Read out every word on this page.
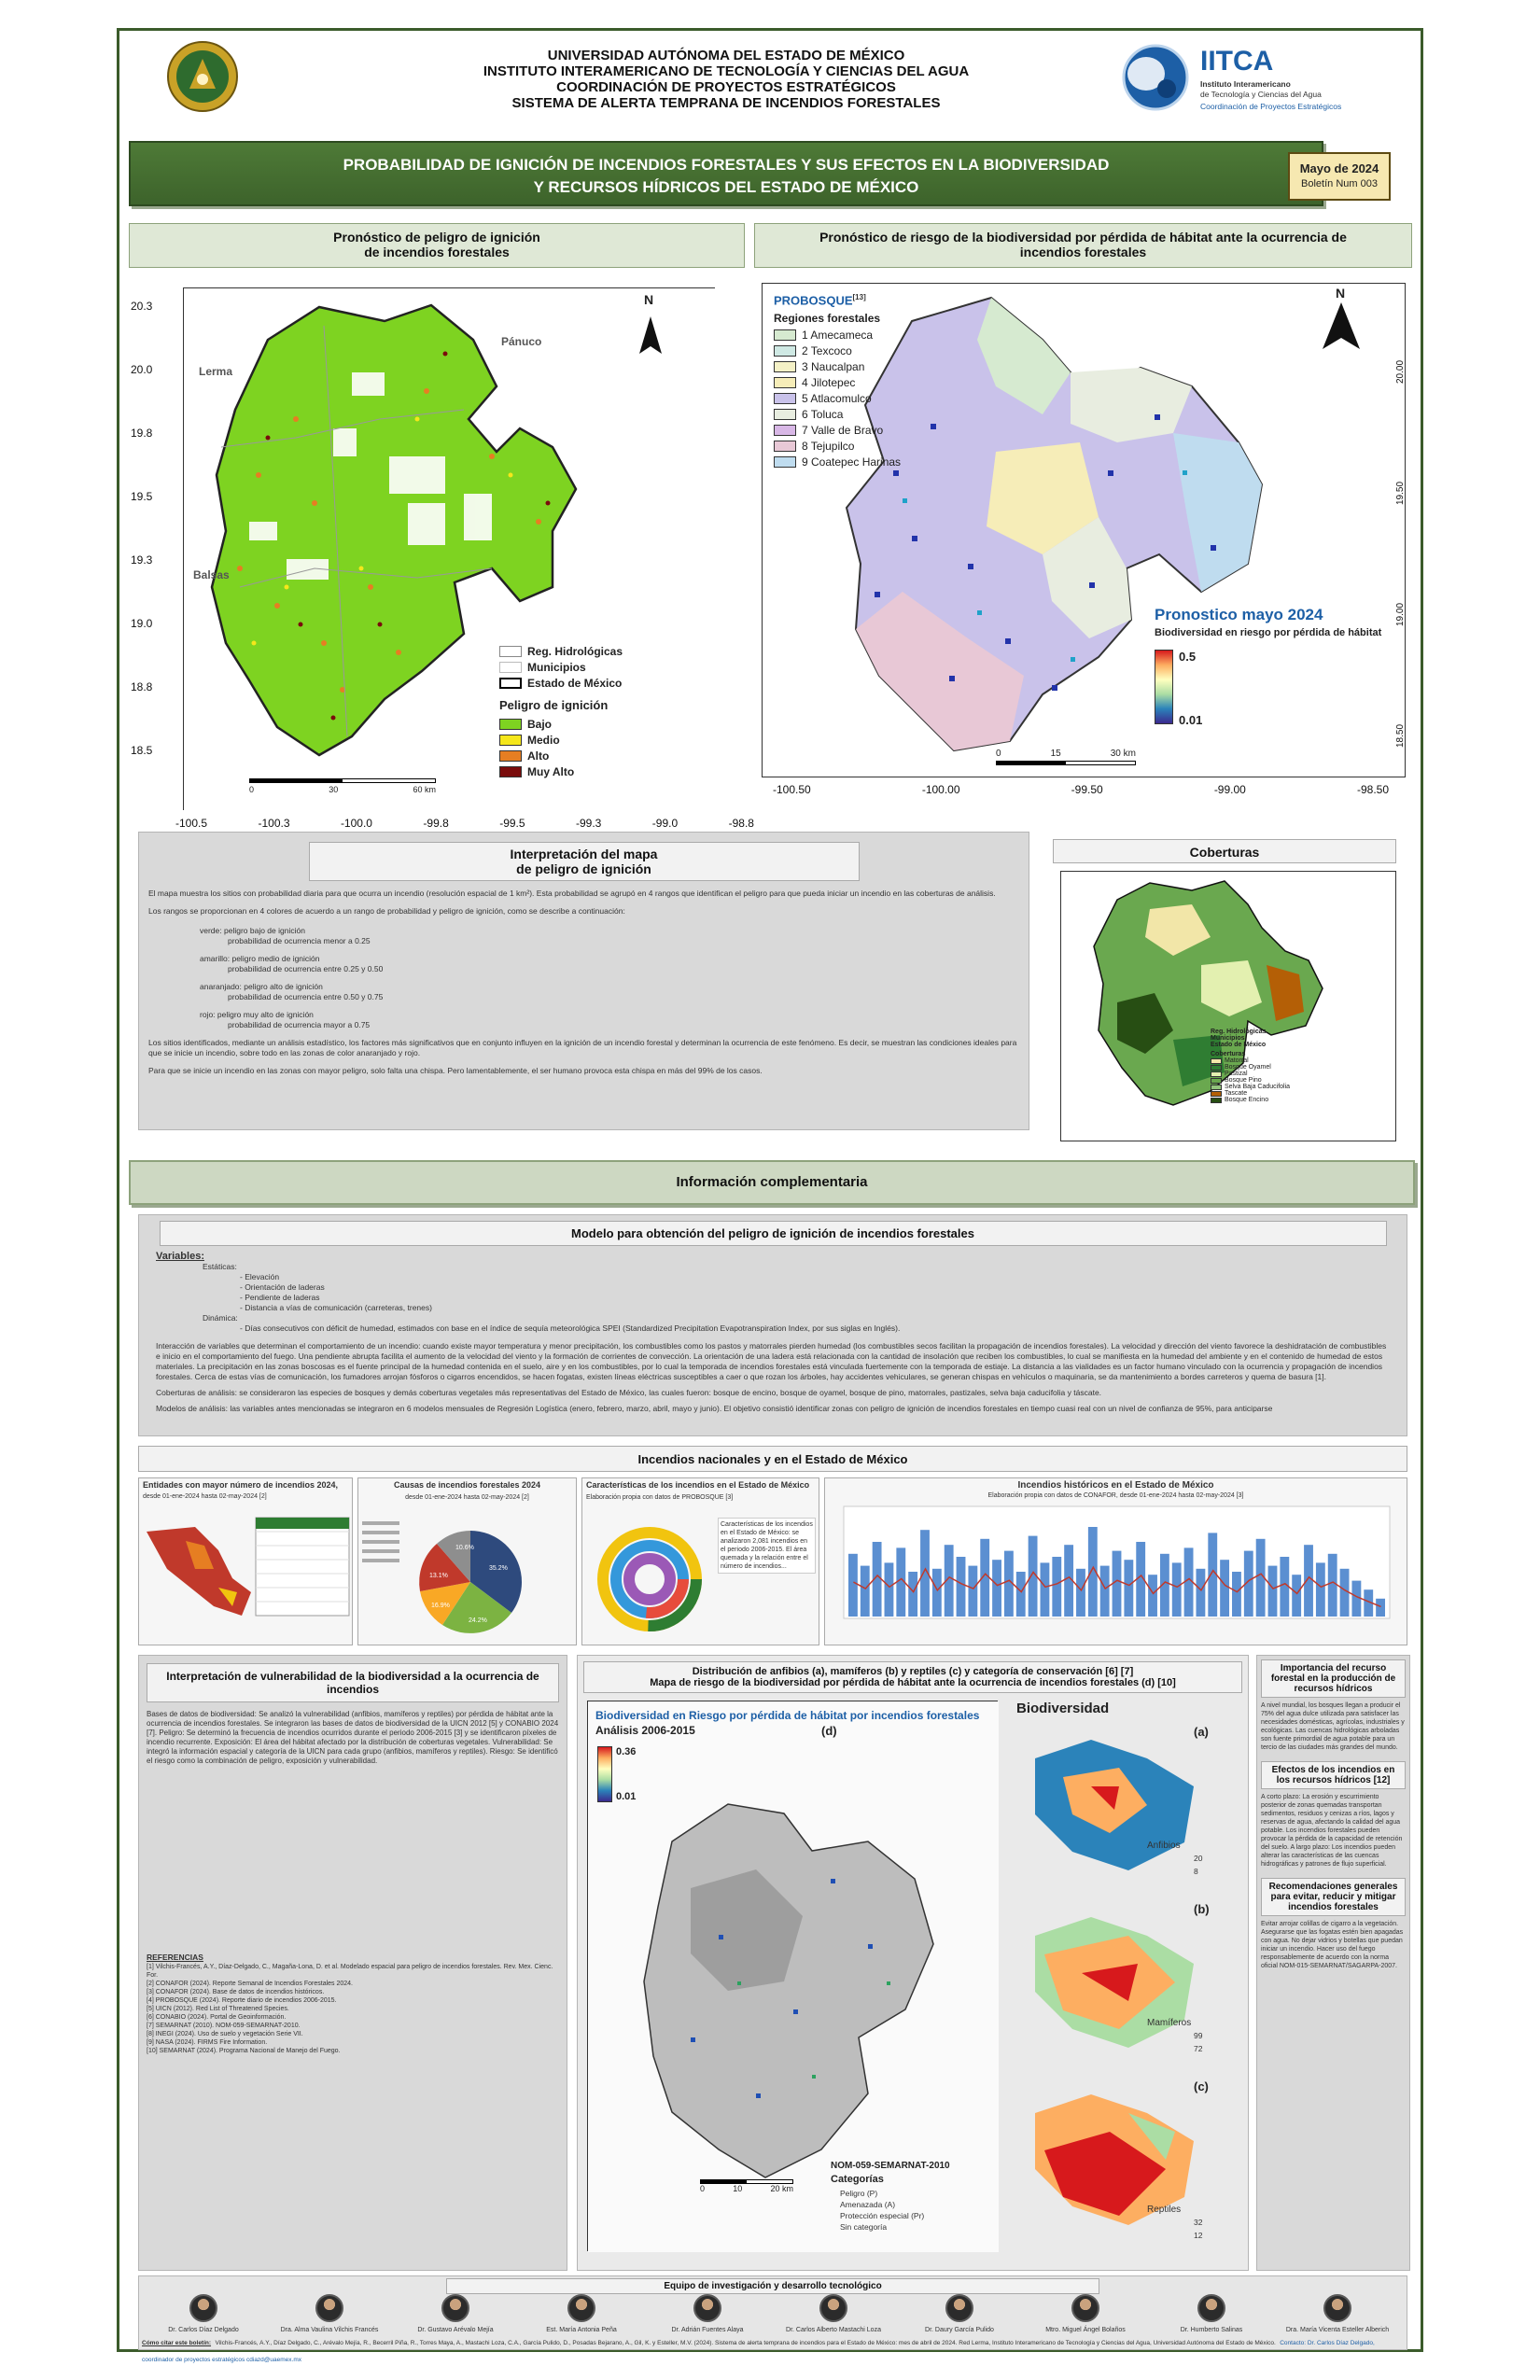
UNIVERSIDAD AUTÓNOMA DEL ESTADO DE MÉXICO
INSTITUTO INTERAMERICANO DE TECNOLOGÍA Y CIENCIAS DEL AGUA
COORDINACIÓN DE PROYECTOS ESTRATÉGICOS
SISTEMA DE ALERTA TEMPRANA DE INCENDIOS FORESTALES
IITCA
Instituto Interamericano
de Tecnología y Ciencias del Agua
Coordinación de Proyectos Estratégicos
PROBABILIDAD DE IGNICIÓN DE INCENDIOS FORESTALES Y SUS EFECTOS EN LA BIODIVERSIDAD
Y RECURSOS HÍDRICOS DEL ESTADO DE MÉXICO
Mayo de 2024
Boletín Num 003
Pronóstico de peligro de ignición
de incendios forestales
N
Lerma
Pánuco
Balsas
Reg. Hidrológicas
Municipios
Estado de México
Peligro de ignición
Bajo
Medio
Alto
Muy Alto
0	30	60 km
20.3
20.0
19.8
19.5
19.3
19.0
18.8
18.5
-100.5	-100.3	-100.0	-99.8	-99.5	-99.3	-99.0	-98.8
Pronóstico de riesgo de la biodiversidad por pérdida de hábitat ante la ocurrencia de
incendios forestales
N
PROBOSQUE[13]
Regiones forestales
1 Amecameca
2 Texcoco
3 Naucalpan
4 Jilotepec
5 Atlacomulco
6 Toluca
7 Valle de Bravo
8 Tejupilco
9 Coatepec Harinas
Pronostico mayo 2024
Biodiversidad en riesgo por pérdida de hábitat
0.5
0.01
0	15	30 km
-100.50	-100.00	-99.50	-99.00	-98.50
20.00
19.50
19.00
18.50
Interpretación del mapa
de peligro de ignición
El mapa muestra los sitios con probabilidad diaria para que ocurra un incendio (resolución espacial de 1 km²). Esta probabilidad se agrupó en 4 rangos que identifican el peligro para que pueda iniciar un incendio en las coberturas de análisis.
Los rangos se proporcionan en 4 colores de acuerdo a un rango de probabilidad y peligro de ignición, como se describe a continuación:
verde: peligro bajo de ignición
probabilidad de ocurrencia menor a 0.25
amarillo: peligro medio de ignición
probabilidad de ocurrencia entre 0.25 y 0.50
anaranjado: peligro alto de ignición
probabilidad de ocurrencia entre 0.50 y 0.75
rojo: peligro muy alto de ignición
probabilidad de ocurrencia mayor a 0.75
Los sitios identificados, mediante un análisis estadístico, los factores más significativos que en conjunto influyen en la ignición de un incendio forestal y determinan la ocurrencia de este fenómeno. Es decir, se muestran las condiciones ideales para que se inicie un incendio, sobre todo en las zonas de color anaranjado y rojo.
Para que se inicie un incendio en las zonas con mayor peligro, solo falta una chispa. Pero lamentablemente, el ser humano provoca esta chispa en más del 99% de los casos.
Coberturas
Reg. Hidrológicas
Municipios
Estado de México
Coberturas
Matorral
Bosque Oyamel
Pastizal
Bosque Pino
Selva Baja Caducifolia
Tascate
Bosque Encino
Información complementaria
Modelo para obtención del peligro de ignición de incendios forestales
Variables:
Estáticas:
- Elevación
- Orientación de laderas
- Pendiente de laderas
- Distancia a vías de comunicación (carreteras, trenes)
Dinámica:
- Días consecutivos con déficit de humedad, estimados con base en el índice de sequía meteorológica SPEI (Standardized Precipitation Evapotranspiration Index, por sus siglas en Inglés).
Interacción de variables que determinan el comportamiento de un incendio: cuando existe mayor temperatura y menor precipitación, los combustibles como los pastos y matorrales pierden humedad (los combustibles secos facilitan la propagación de incendios forestales). La velocidad y dirección del viento favorece la deshidratación de combustibles e inicio en el comportamiento del fuego. Una pendiente abrupta facilita el aumento de la velocidad del viento y la formación de corrientes de convección. La orientación de una ladera está relacionada con la cantidad de insolación que reciben los combustibles, lo cual se manifiesta en la humedad del ambiente y en el contenido de humedad de estos materiales. La precipitación en las zonas boscosas es el fuente principal de la humedad contenida en el suelo, aire y en los combustibles, por lo cual la temporada de incendios forestales está vinculada fuertemente con la temporada de estiaje. La distancia a las vialidades es un factor humano vinculado con la ocurrencia y propagación de incendios forestales. Cerca de estas vías de comunicación, los fumadores arrojan fósforos o cigarros encendidos, se hacen fogatas, existen líneas eléctricas susceptibles a caer o que rozan los árboles, hay accidentes vehiculares, se generan chispas en vehículos o maquinaria, se da mantenimiento a bordes carreteros y quema de basura [1].
Coberturas de análisis: se consideraron las especies de bosques y demás coberturas vegetales más representativas del Estado de México, las cuales fueron: bosque de encino, bosque de oyamel, bosque de pino, matorrales, pastizales, selva baja caducifolia y táscate.
Modelos de análisis: las variables antes mencionadas se integraron en 6 modelos mensuales de Regresión Logística (enero, febrero, marzo, abril, mayo y junio). El objetivo consistió identificar zonas con peligro de ignición de incendios forestales en tiempo cuasi real con un nivel de confianza de 95%, para anticiparse
Incendios nacionales y en el Estado de México
Entidades con mayor número de incendios 2024, desde 01-ene-2024 hasta 02-may-2024 [2]
Causas de incendios forestales 2024
desde 01-ene-2024 hasta 02-may-2024 [2]
35.2%
24.2%
16.9%
13.1%
10.6%
Características de los incendios en el Estado de México
Elaboración propia con datos de PROBOSQUE [3]
Características de los incendios en el Estado de México: se analizaron 2,081 incendios en el periodo 2006-2015. El área quemada y la relación entre el número de incendios...
Incendios históricos en el Estado de México
Elaboración propia con datos de CONAFOR, desde 01-ene-2024 hasta 02-may-2024 [3]
Interpretación de vulnerabilidad de la biodiversidad a la ocurrencia de incendios
Bases de datos de biodiversidad: Se analizó la vulnerabilidad (anfibios, mamíferos y reptiles) por pérdida de hábitat ante la ocurrencia de incendios forestales. Se integraron las bases de datos de biodiversidad de la UICN 2012 [5] y CONABIO 2024 [7]. Peligro: Se determinó la frecuencia de incendios ocurridos durante el periodo 2006-2015 [3] y se identificaron píxeles de incendio recurrente. Exposición: El área del hábitat afectado por la distribución de coberturas vegetales. Vulnerabilidad: Se integró la información espacial y categoría de la UICN para cada grupo (anfibios, mamíferos y reptiles). Riesgo: Se identificó el riesgo como la combinación de peligro, exposición y vulnerabilidad.
REFERENCIAS
[1] Vilchis-Francés, A.Y., Díaz-Delgado, C., Magaña-Lona, D. et al. Modelado espacial para peligro de incendios forestales. Rev. Mex. Cienc. For.
[2] CONAFOR (2024). Reporte Semanal de Incendios Forestales 2024.
[3] CONAFOR (2024). Base de datos de incendios históricos.
[4] PROBOSQUE (2024). Reporte diario de incendios 2006-2015.
[5] UICN (2012). Red List of Threatened Species.
[6] CONABIO (2024). Portal de Geoinformación.
[7] SEMARNAT (2010). NOM-059-SEMARNAT-2010.
[8] INEGI (2024). Uso de suelo y vegetación Serie VII.
[9] NASA (2024). FIRMS Fire Information.
[10] SEMARNAT (2024). Programa Nacional de Manejo del Fuego.
Distribución de anfibios (a), mamíferos (b) y reptiles (c) y categoría de conservación [6] [7]
Mapa de riesgo de la biodiversidad por pérdida de hábitat ante la ocurrencia de incendios forestales (d) [10]
Biodiversidad en Riesgo por pérdida de hábitat por incendios forestales
Análisis 2006-2015	(d)
0.36
0.01
0	10	20 km
NOM-059-SEMARNAT-2010
Categorías
Peligro (P)
Amenazada (A)
Protección especial (Pr)
Sin categoría
Biodiversidad
(a)
Anfibios
20
8
(b)
Mamíferos
99
72
(c)
Reptiles
32
12
Importancia del recurso forestal en la producción de recursos hídricos
A nivel mundial, los bosques llegan a producir el 75% del agua dulce utilizada para satisfacer las necesidades domésticas, agrícolas, industriales y ecológicas. Las cuencas hidrológicas arboladas son fuente primordial de agua potable para un tercio de las ciudades más grandes del mundo.
Efectos de los incendios en los recursos hídricos [12]
A corto plazo: La erosión y escurrimiento posterior de zonas quemadas transportan sedimentos, residuos y cenizas a ríos, lagos y reservas de agua, afectando la calidad del agua potable. Los incendios forestales pueden provocar la pérdida de la capacidad de retención del suelo. A largo plazo: Los incendios pueden alterar las características de las cuencas hidrográficas y patrones de flujo superficial.
Recomendaciones generales para evitar, reducir y mitigar incendios forestales
Evitar arrojar colillas de cigarro a la vegetación. Asegurarse que las fogatas estén bien apagadas con agua. No dejar vidrios y botellas que puedan iniciar un incendio. Hacer uso del fuego responsablemente de acuerdo con la norma oficial NOM-015-SEMARNAT/SAGARPA-2007.
Equipo de investigación y desarrollo tecnológico
Dr. Carlos Díaz Delgado	Dra. Alma Vaulina Vilchis Francés	Dr. Gustavo Arévalo Mejía	Est. María Antonia Peña	Dr. Adrián Fuentes Alaya	Dr. Carlos Alberto Mastachi Loza	Dr. Daury García Pulido	Mtro. Miguel Ángel Bolaños	Dr. Humberto Salinas	Dra. María Vicenta Esteller Alberich
Cómo citar este boletín: Vilchis-Francés, A.Y., Díaz Delgado, C., Arévalo Mejía, R., Becerril Piña, R., Torres Maya, A., Mastachi Loza, C.A., García Pulido, D., Posadas Bejarano, A., Gil, K. y Esteller, M.V. (2024). Sistema de alerta temprana de incendios para el Estado de México: mes de abril de 2024. Red Lerma, Instituto Interamericano de Tecnología y Ciencias del Agua, Universidad Autónoma del Estado de México. Contacto: Dr. Carlos Díaz Delgado, coordinador de proyectos estratégicos cdiazd@uaemex.mx
